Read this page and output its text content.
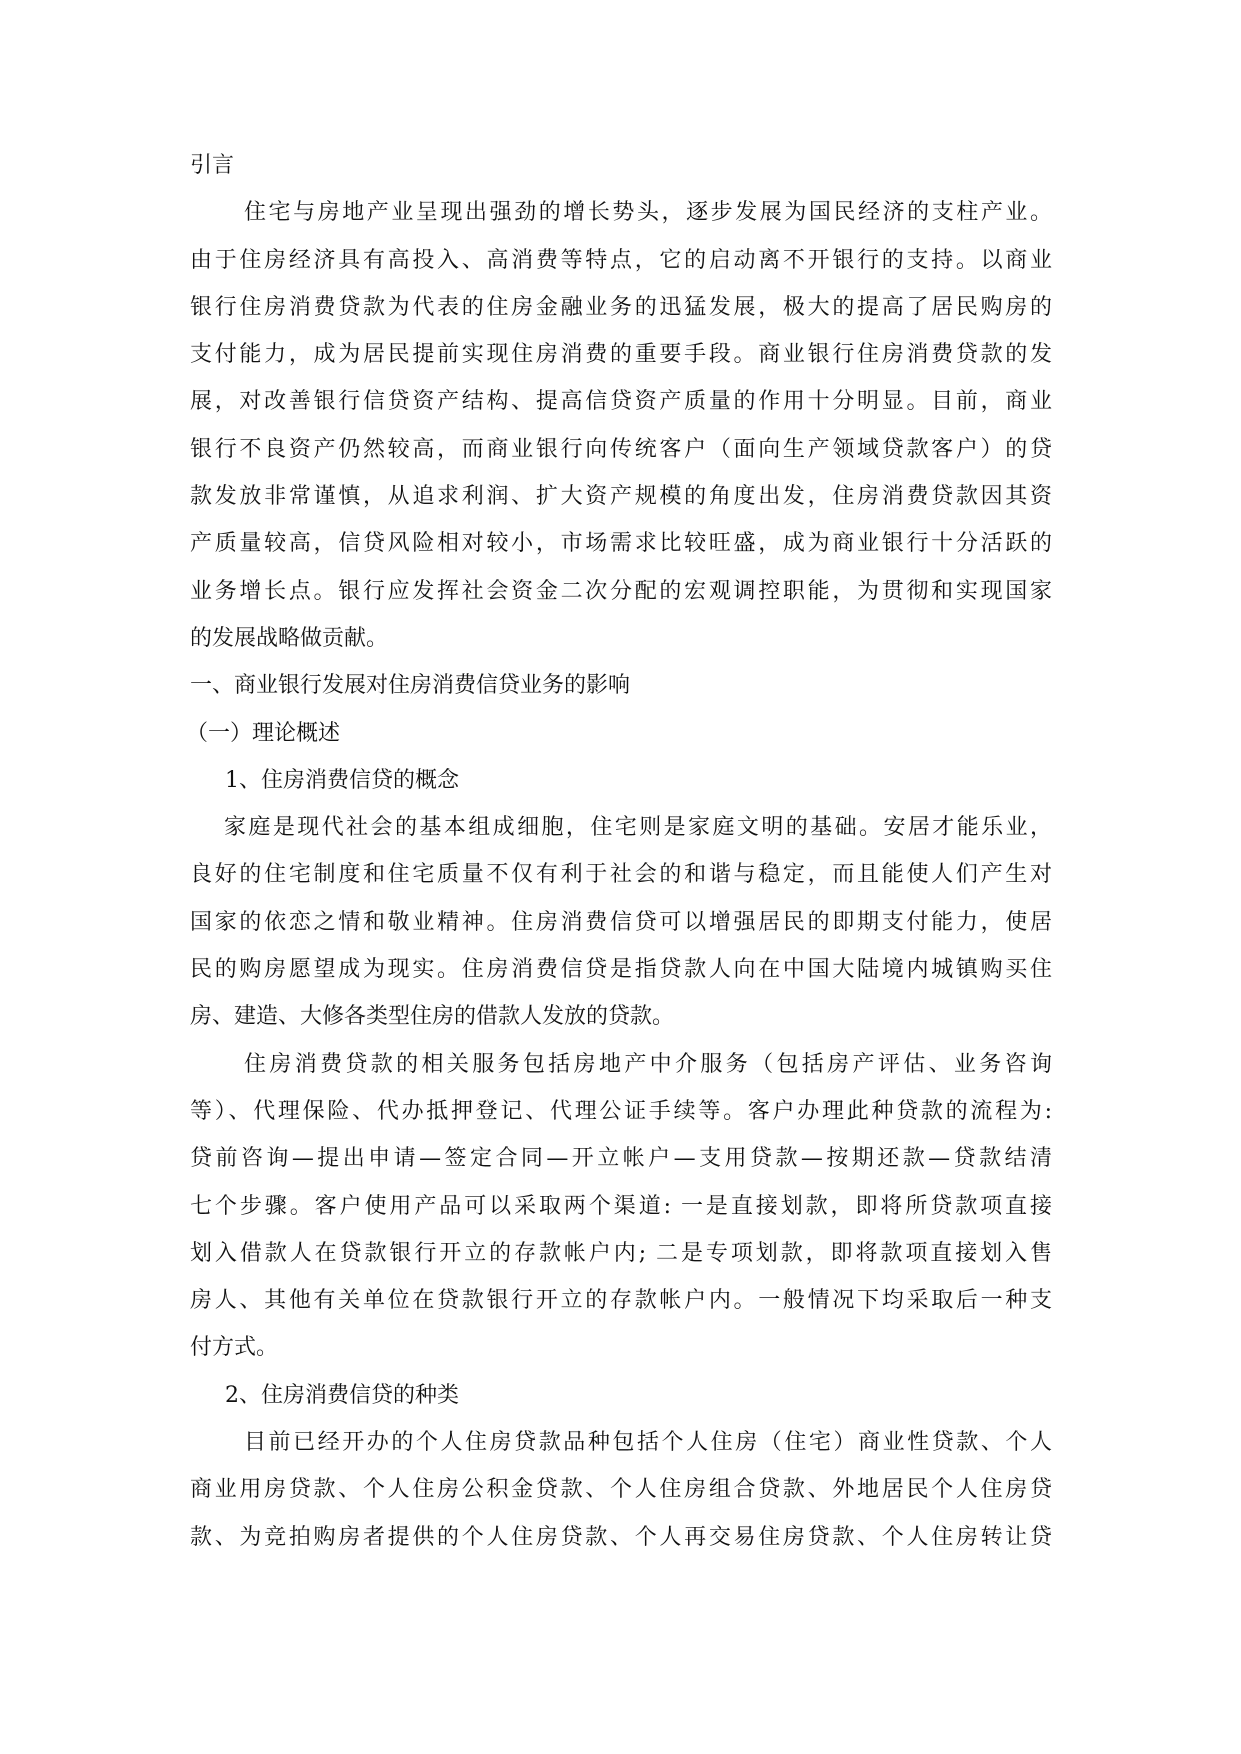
引言
住宅与房地产业呈现出强劲的增长势头，逐步发展为国民经济的支柱产业。
由于住房经济具有高投入、高消费等特点，它的启动离不开银行的支持。以商业
银行住房消费贷款为代表的住房金融业务的迅猛发展，极大的提高了居民购房的
支付能力，成为居民提前实现住房消费的重要手段。商业银行住房消费贷款的发
展，对改善银行信贷资产结构、提高信贷资产质量的作用十分明显。目前，商业
银行不良资产仍然较高，而商业银行向传统客户（面向生产领域贷款客户）的贷
款发放非常谨慎，从追求利润、扩大资产规模的角度出发，住房消费贷款因其资
产质量较高，信贷风险相对较小，市场需求比较旺盛，成为商业银行十分活跃的
业务增长点。银行应发挥社会资金二次分配的宏观调控职能，为贯彻和实现国家
的发展战略做贡献。
一、商业银行发展对住房消费信贷业务的影响
（一）理论概述
1、住房消费信贷的概念
家庭是现代社会的基本组成细胞，住宅则是家庭文明的基础。安居才能乐业，
良好的住宅制度和住宅质量不仅有利于社会的和谐与稳定，而且能使人们产生对
国家的依恋之情和敬业精神。住房消费信贷可以增强居民的即期支付能力，使居
民的购房愿望成为现实。住房消费信贷是指贷款人向在中国大陆境内城镇购买住
房、建造、大修各类型住房的借款人发放的贷款。
住房消费贷款的相关服务包括房地产中介服务（包括房产评估、业务咨询
等）、代理保险、代办抵押登记、代理公证手续等。客户办理此种贷款的流程为:
贷前咨询—提出申请—签定合同—开立帐户—支用贷款—按期还款—贷款结清
七个步骤。客户使用产品可以采取两个渠道: 一是直接划款，即将所贷款项直接
划入借款人在贷款银行开立的存款帐户内; 二是专项划款，即将款项直接划入售
房人、其他有关单位在贷款银行开立的存款帐户内。一般情况下均采取后一种支
付方式。
2、住房消费信贷的种类
目前已经开办的个人住房贷款品种包括个人住房（住宅）商业性贷款、个人
商业用房贷款、个人住房公积金贷款、个人住房组合贷款、外地居民个人住房贷
款、为竞拍购房者提供的个人住房贷款、个人再交易住房贷款、个人住房转让贷
